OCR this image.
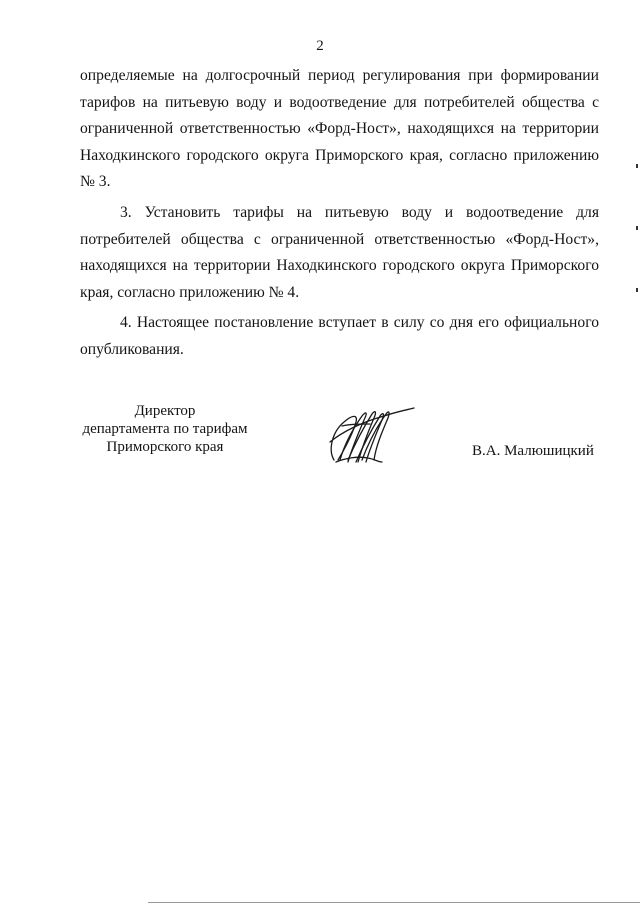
2

определяемые на долгосрочный период регулирования при формировании

тарифов на питьевую воду и водоотведение для потребителей общества с

ограниченной ответственностью «Форд-Ност», находящихся на территории

Находкинского городского округа Приморского края, согласно приложению

№ 3.

3. Установить тарифы на питьевую воду и водоотведение для

потребителей общества с ограниченной ответственностью «Форд-Ност»,

находящихся на территории Находкинского городского округа Приморского

края, согласно приложению № 4.

4. Настоящее постановление вступает в силу со дня его официального

опубликования.

Директор
департамента по тарифам
Приморского края	В.А. Малюшицкий
